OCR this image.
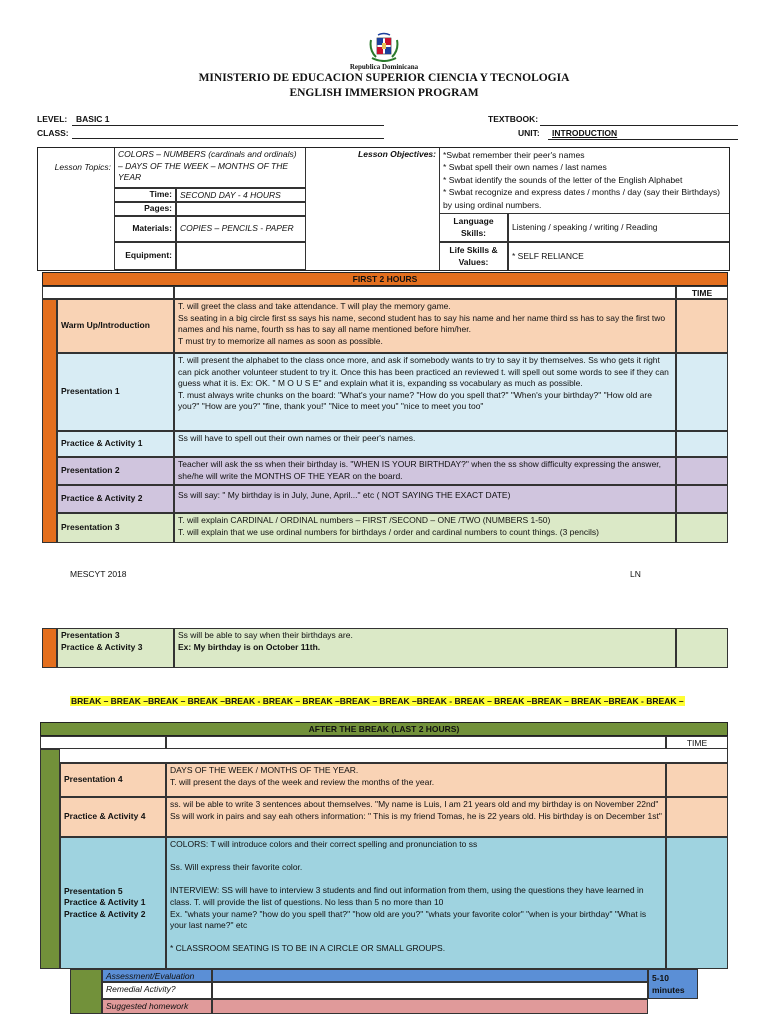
Republica Dominicana
MINISTERIO DE EDUCACION SUPERIOR CIENCIA Y TECNOLOGIA
ENGLISH IMMERSION PROGRAM
LEVEL: BASIC 1
CLASS:
TEXTBOOK:
UNIT: INTRODUCTION
Lesson Topics:
COLORS – NUMBERS (cardinals and ordinals) – DAYS OF THE WEEK – MONTHS OF THE YEAR
Time: SECOND DAY - 4 HOURS
Pages:
Materials: COPIES – PENCILS - PAPER
Equipment:
Lesson Objectives: *Swbat remember their peer's names
* Swbat spell their own names / last names
* Swbat identify the sounds of the letter of the English Alphabet
* Swbat recognize and express dates / months / day (say their Birthdays) by using ordinal numbers.
Language Skills:
Listening / speaking / writing / Reading
Life Skills & Values:
* SELF RELIANCE
FIRST 2 HOURS
TIME
Warm Up/Introduction
T. will greet the class and take attendance. T will play the memory game.
Ss seating in a big circle first ss says his name, second student has to say his name and her name third ss has to say the first two names and his name, fourth ss has to say all name mentioned before him/her.
T must try to memorize all names as soon as possible.
Presentation 1
T. will present the alphabet to the class once more, and ask if somebody wants to try to say it by themselves. Ss who gets it right can pick another volunteer student to try it. Once this has been practiced an reviewed t. will spell out some words to see if they can guess what it is. Ex: OK. " M O U S E" and explain what it is, expanding ss vocabulary as much as possible.
T. must always write chunks on the board: "What's your name? "How do you spell that?" "When's your birthday?" "How old are you?" "How are you?" "fine, thank you!" "Nice to meet you" "nice to meet you too"
Practice & Activity 1
Ss will have to spell out their own names or their peer's names.
Presentation 2
Teacher will ask the ss when their birthday is. "WHEN IS YOUR BIRTHDAY?" when the ss show difficulty expressing the answer, she/he will write the MONTHS OF THE YEAR on the board.
Practice & Activity 2	Ss will say: " My birthday is in July, June, April..." etc ( NOT SAYING THE EXACT DATE)
Presentation 3
T. will explain CARDINAL / ORDINAL numbers – FIRST /SECOND – ONE /TWO (NUMBERS 1-50)
T. will explain that we use ordinal numbers for birthdays / order and cardinal numbers to count things. (3 pencils)
MESCYT 2018	LN
Presentation 3
Practice & Activity 3
Ss will be able to say when their birthdays are.
Ex: My birthday is on October 11th.
BREAK – BREAK –BREAK – BREAK –BREAK - BREAK – BREAK –BREAK – BREAK –BREAK - BREAK – BREAK –BREAK – BREAK –BREAK - BREAK –
AFTER THE BREAK (LAST 2 HOURS)
TIME
Presentation 4
DAYS OF THE WEEK / MONTHS OF THE YEAR.
T. will present the days of the week and review the months of the year.
Practice & Activity 4
ss. wil be able to write 3 sentences about themselves. "My name is Luis, I am 21 years old and my birthday is on November 22nd" Ss will work in pairs and say eah others information: " This is my friend Tomas, he is 22 years old. His birthday is on December 1st"
Presentation 5
Practice & Activity 1
Practice & Activity 2
COLORS: T will introduce colors and their correct spelling and pronunciation to ss

Ss. Will express their favorite color.

INTERVIEW: SS will have to interview 3 students and find out information from them, using the questions they have learned in class. T. will provide the list of questions. No less than 5 no more than 10
Ex. "whats your name? "how do you spell that?" "how old are you?" "whats your favorite color" "when is your birthday" "What is your last name?" etc

* CLASSROOM SEATING IS TO BE IN A CIRCLE OR SMALL GROUPS.
Assessment/Evaluation	5-10 minutes
Remedial Activity?
Suggested homework
